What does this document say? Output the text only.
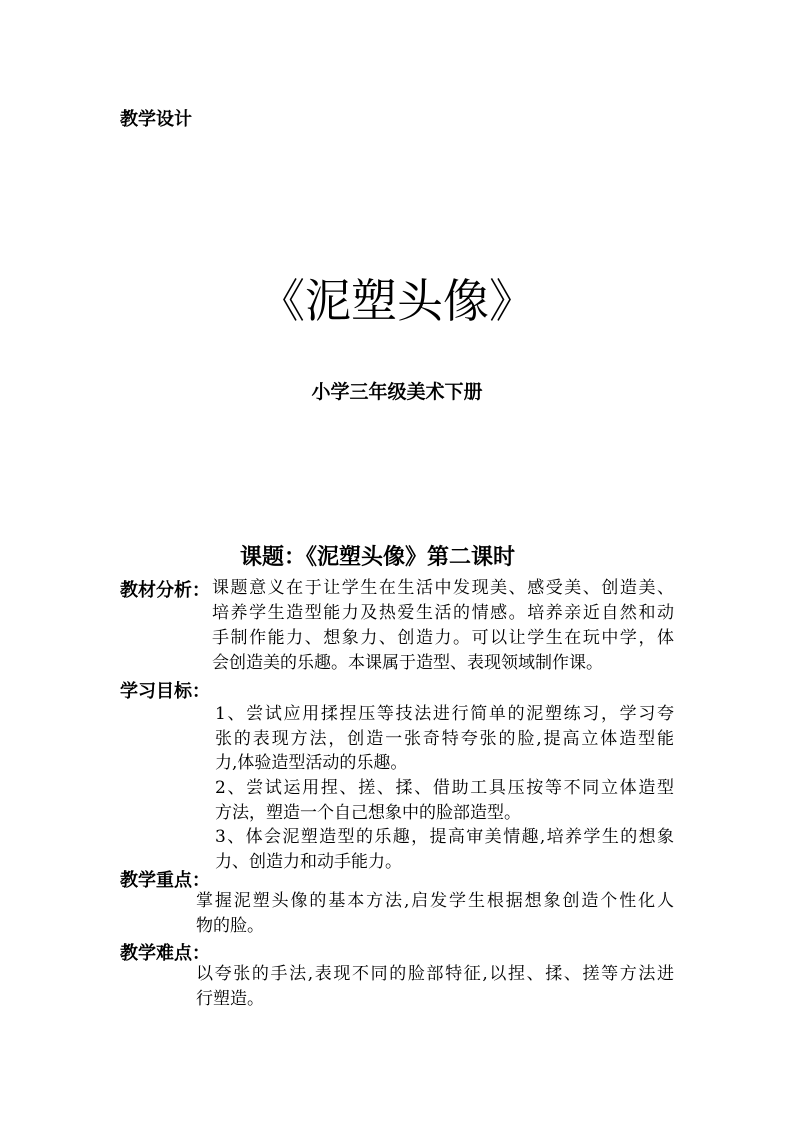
教学设计
《泥塑头像》
小学三年级美术下册
课题：《泥塑头像》第二课时
教材分析： 课题意义在于让学生在生活中发现美、感受美、创造美、
培养学生造型能力及热爱生活的情感。培养亲近自然和动
手制作能力、想象力、创造力。可以让学生在玩中学，体
会创造美的乐趣。本课属于造型、表现领域制作课。
学习目标：
1、尝试应用揉捏压等技法进行简单的泥塑练习，学习夸
张的表现方法，创造一张奇特夸张的脸,提高立体造型能
力,体验造型活动的乐趣。
2、尝试运用捏、搓、揉、借助工具压按等不同立体造型
方法，塑造一个自己想象中的脸部造型。
3、体会泥塑造型的乐趣，提高审美情趣,培养学生的想象
力、创造力和动手能力。
教学重点：
掌握泥塑头像的基本方法,启发学生根据想象创造个性化人
物的脸。
教学难点：
以夸张的手法,表现不同的脸部特征,以捏、揉、搓等方法进
行塑造。
